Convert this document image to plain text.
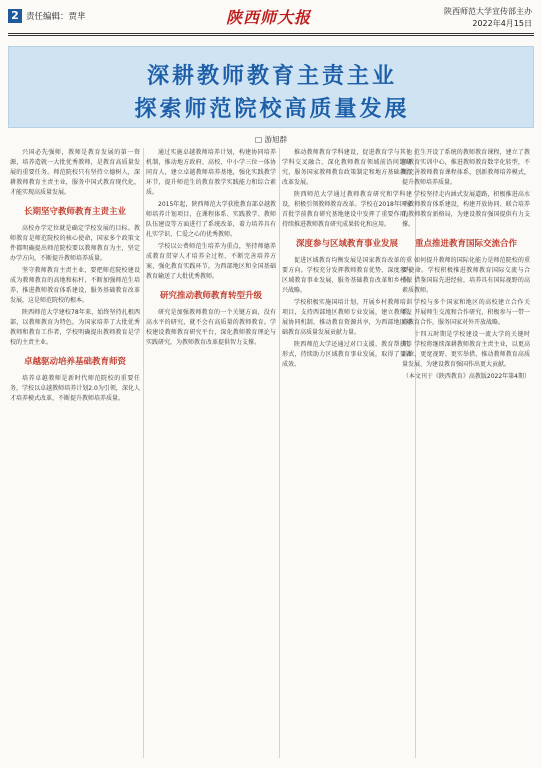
2 责任编辑：贾芈	陕西师大报	陕西师范大学宣传部主办
2022年4月15日
深耕教师教育主责主业
探索师范院校高质量发展
□ 游旭群

兴国必先强师，教师是教育发展的第一资源，培养造就一大批优秀教师，是教育高质量发展的重要任务。师范院校只有坚持立德树人，深耕教师教育主责主业，服务中国式教育现代化，才能实现高质量发展。

长期坚守教师教育主责主业

高校办学定位就是确定学校发展的目标。教师教育是师范院校的核心使命，国家多个政策文件都明确提出师范院校要以教师教育为主，坚定办学方向，不断提升教师培养质量。

坚守教师教育主责主业，要把师范院校建设成为教师教育的高地和标杆，不断加强师范生培养，推进教师教育体系建设，服务基础教育改革发展，这是师范院校的根本。

陕西师范大学建校78年来，始终坚持扎根西部，以教师教育为特色，为国家培养了大批优秀教师和教育工作者，学校明确提出教师教育是学校的主责主业。

卓越驱动培养基础教育师资

培养卓越教师是新时代师范院校的重要任务，学校以卓越教师培养计划2.0为引领，深化人才培养模式改革，不断提升教师培养质量。

通过实施卓越教师培养计划，构建协同培养机制，推动地方政府、高校、中小学三位一体协同育人，建立卓越教师培养基地，强化实践教学环节，提升师范生的教育教学实践能力和综合素质。

2015年起，陕西师范大学获批教育部卓越教师培养计划项目，在课程体系、实践教学、教师队伍建设等方面进行了系统改革，着力培养具有扎实学识、仁爱之心的优秀教师。

学校以公费师范生培养为重点，坚持师德养成教育贯穿人才培养全过程，不断完善培养方案，强化教育实践环节，为西部地区和全国基础教育输送了大批优秀教师。

研究推动教师教育转型升级

研究是加强教师教育的一个关键方面，没有高水平的研究，就不会有高质量的教师教育。学校建设教师教育研究平台，深化教师教育理论与实践研究，为教师教育改革提供智力支撑。

推动教师教育学科建设，促进教育学与其他学科交叉融合，深化教师教育领域前沿问题研究，服务国家教师教育政策制定和地方基础教育改革发展。

陕西师范大学通过教师教育研究和学科建设，积极引领教师教育改革。学校在2018年国家首批学前教育研究基地建设中发挥了重要作用，持续推进教师教育研究成果转化和应用。

深度参与区域教育事业发展

促进区域教育均衡发展是国家教育改革的重要方向。学校充分发挥教师教育优势，深度参与区域教育事业发展，服务基础教育改革和乡村振兴战略。

学校积极实施国培计划，开展乡村教师培训项目，支持西部地区教师专业发展，建立教师发展协同机制，推动教育资源共享，为西部地区基础教育高质量发展贡献力量。

陕西师范大学还通过对口支援、教育帮扶等形式，持续助力区域教育事业发展，取得了显著成效。

范生开设了系统的教师教育课程，建立了教师教育实训中心，推进教师教育数字化转型，不断完善教师教育课程体系，创新教师培养模式，提升教师培养质量。

学校坚持走内涵式发展道路，积极推进高水平教师教育体系建设，构建开放协同、联合培养的教师教育新格局，为建设教育强国提供有力支撑。

重点推进教育国际交流合作

如何提升教师的国际化能力是师范院校的重要使命。学校积极推进教师教育国际交流与合作，借鉴国际先进经验，培养具有国际视野的高素质教师。

学校与多个国家和地区的高校建立合作关系，开展师生交流和合作研究，积极参与一带一路教育合作，服务国家对外开放战略。

十四五时期是学校建设一流大学的关键时期。学校将继续深耕教师教育主责主业，以更高站位、更宽视野、更实举措，推动教师教育高质量发展，为建设教育强国作出更大贡献。

（本文刊于《陕西教育》高教版2022年第4期）
